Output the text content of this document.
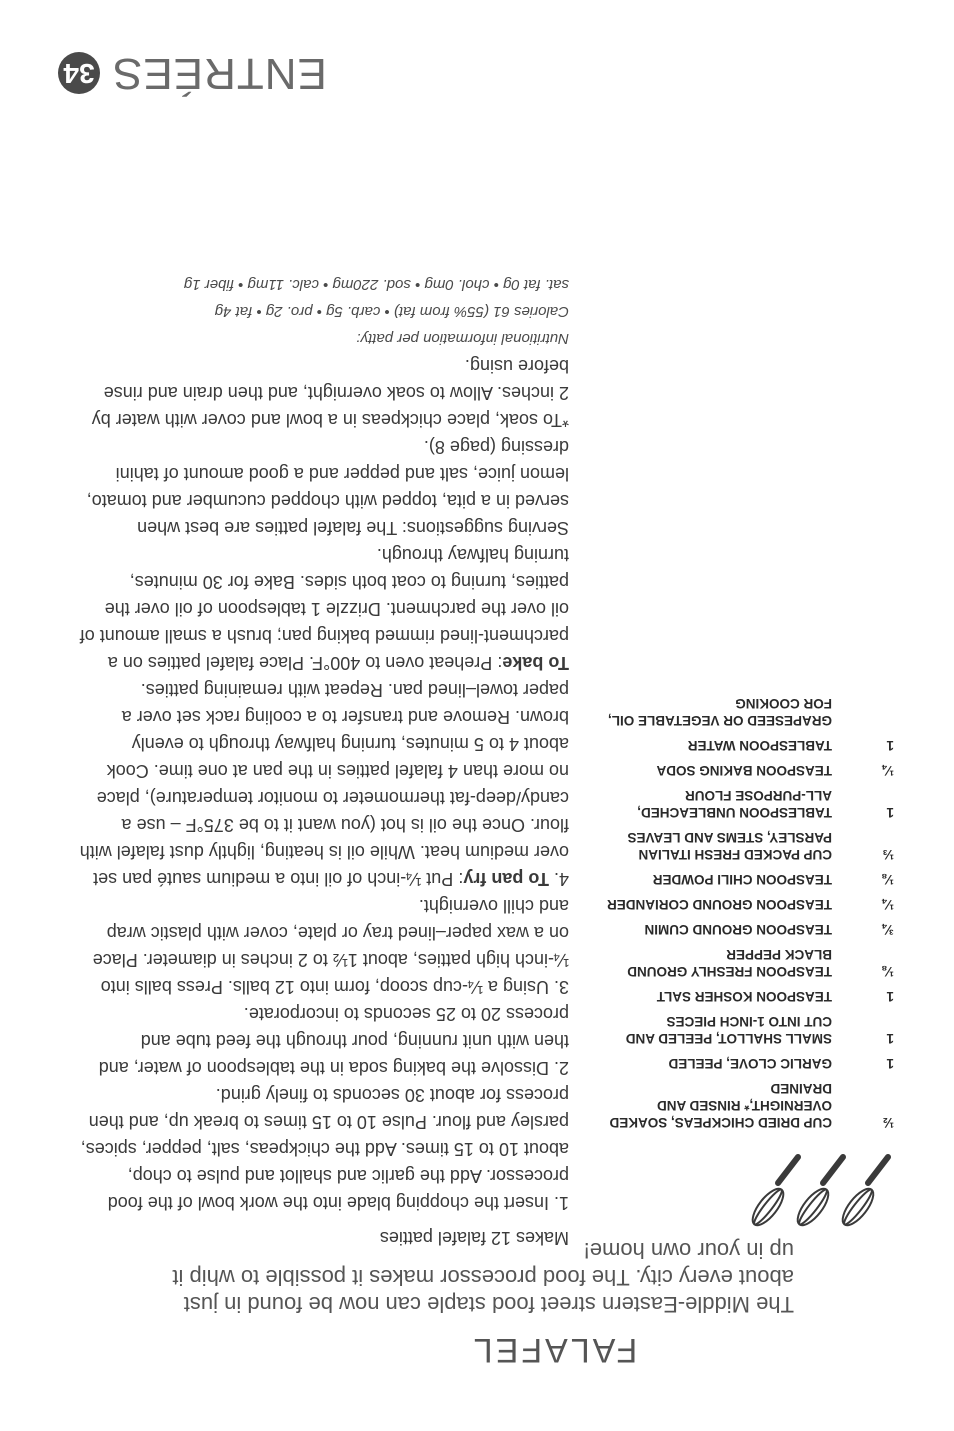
FALAFEL
The Middle-Eastern street food staple can now be found in just about every city. The food processor makes it possible to whip it up in your own home!
½
CUP DRIED CHICKPEAS, SOAKED OVERNIGHT,* RINSED AND DRAINED
1
GARLIC CLOVE, PEELED
1
SMALL SHALLOT, PEELED AND CUT INTO 1-INCH PIECES
1
TEASPOON KOSHER SALT
⅛
TEASPOON FRESHLY GROUND BLACK PEPPER
¾
TEASPOON GROUND CUMIN
¼
TEASPOON GROUND CORIANDER
⅛
TEASPOON CHILI POWDER
⅓
CUP PACKED FRESH ITALIAN PARSLEY, STEMS AND LEAVES
1
TABLESPOON UNBLEACHED, ALL-PURPOSE FLOUR
¼
TEASPOON BAKING SODA
1
TABLESPOON WATER
GRAPESEED OR VEGETABLE OIL, FOR COOKING

Makes 12 falafel patties

1. Insert the chopping blade into the work bowl of the food processor. Add the garlic and shallot and pulse to chop, about 10 to 15 times. Add the chickpeas, salt, pepper, spices, parsley and flour. Pulse 10 to 15 times to break up, and then process for about 30 seconds to finely grind.

2. Dissolve the baking soda in the tablespoon of water, and then with unit running, pour through the feed tube and process 20 to 25 seconds to incorporate.

3. Using a ¼-cup scoop, form into 12 balls. Press balls into ¼-inch high patties, about 1½ to 2 inches in diameter. Place on a wax paper–lined tray or plate, cover with plastic wrap and chill overnight.

4. To pan fry: Put ¼-inch of oil into a medium sauté pan set over medium heat. While oil is heating, lightly dust falafel with flour. Once the oil is hot (you want it to be 375°F – use a candy/deep-fat thermometer to monitor temperature), place no more than 4 falafel patties in the pan at one time. Cook about 4 to 5 minutes, turning halfway through to evenly brown. Remove and transfer to a cooling rack set over a paper towel–lined pan. Repeat with remaining patties.

To bake: Preheat oven to 400°F. Place falafel patties on a parchment-lined rimmed baking pan; brush a small amount of oil over the parchment. Drizzle 1 tablespoon of oil over the patties, turning to coat both sides. Bake for 30 minutes, turning halfway through.

Serving suggestions: The falafel patties are best when served in a pita, topped with chopped cucumber and tomato, lemon juice, salt and pepper and a good amount of tahini dressing (page 8).

*To soak, place chickpeas in a bowl and cover with water by 2 inches. Allow to soak overnight, and then drain and rinse before using.

Nutritional information per patty:
Calories 61 (55% from fat) • carb. 5g • pro. 2g • fat 4g
sat. fat 0g • chol. 0mg • sod. 220mg • calc. 11mg • fiber 1g
34 ENTRÉES
